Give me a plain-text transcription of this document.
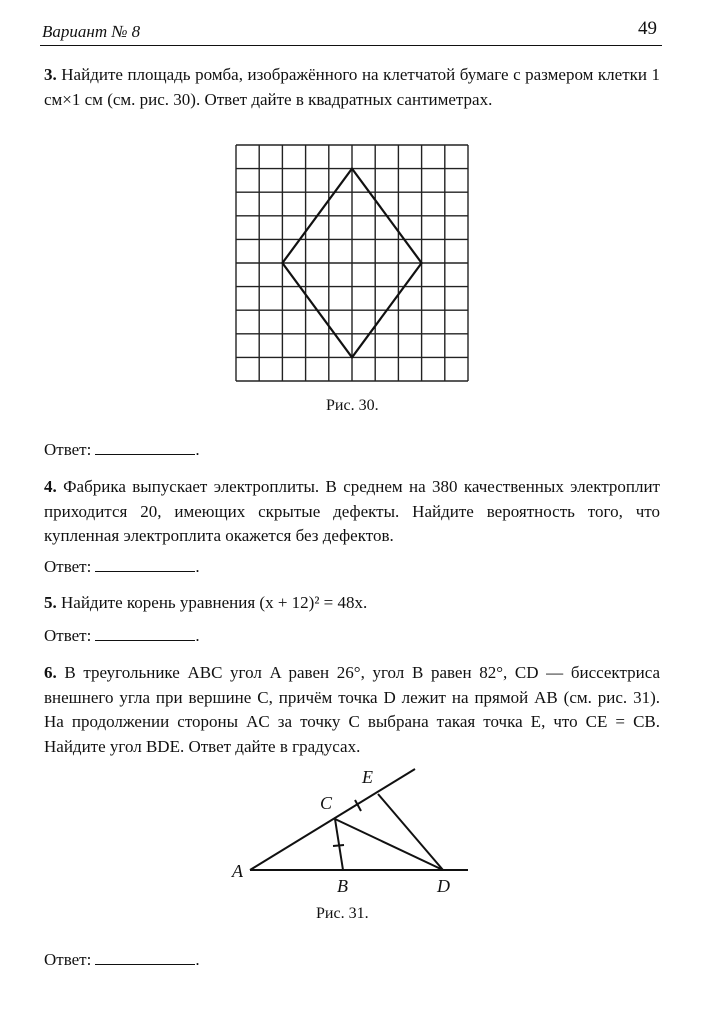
Вариант № 8	49
3. Найдите площадь ромба, изображённого на клетчатой бумаге с размером клетки 1 см×1 см (см. рис. 30). Ответ дайте в квадратных сантиметрах.
Рис. 30.
Ответ:	.
4. Фабрика выпускает электроплиты. В среднем на 380 качественных электроплит приходится 20, имеющих скрытые дефекты. Найдите вероятность того, что купленная электроплита окажется без дефектов.
Ответ:	.
5. Найдите корень уравнения (x + 12)² = 48x.
Ответ:	.
6. В треугольнике ABC угол A равен 26°, угол B равен 82°, CD — биссектриса внешнего угла при вершине C, причём точка D лежит на прямой AB (см. рис. 31). На продолжении стороны AC за точку C выбрана такая точка E, что CE = CB. Найдите угол BDE. Ответ дайте в градусах.
E
C
A
B	D
Рис. 31.
Ответ:	.
